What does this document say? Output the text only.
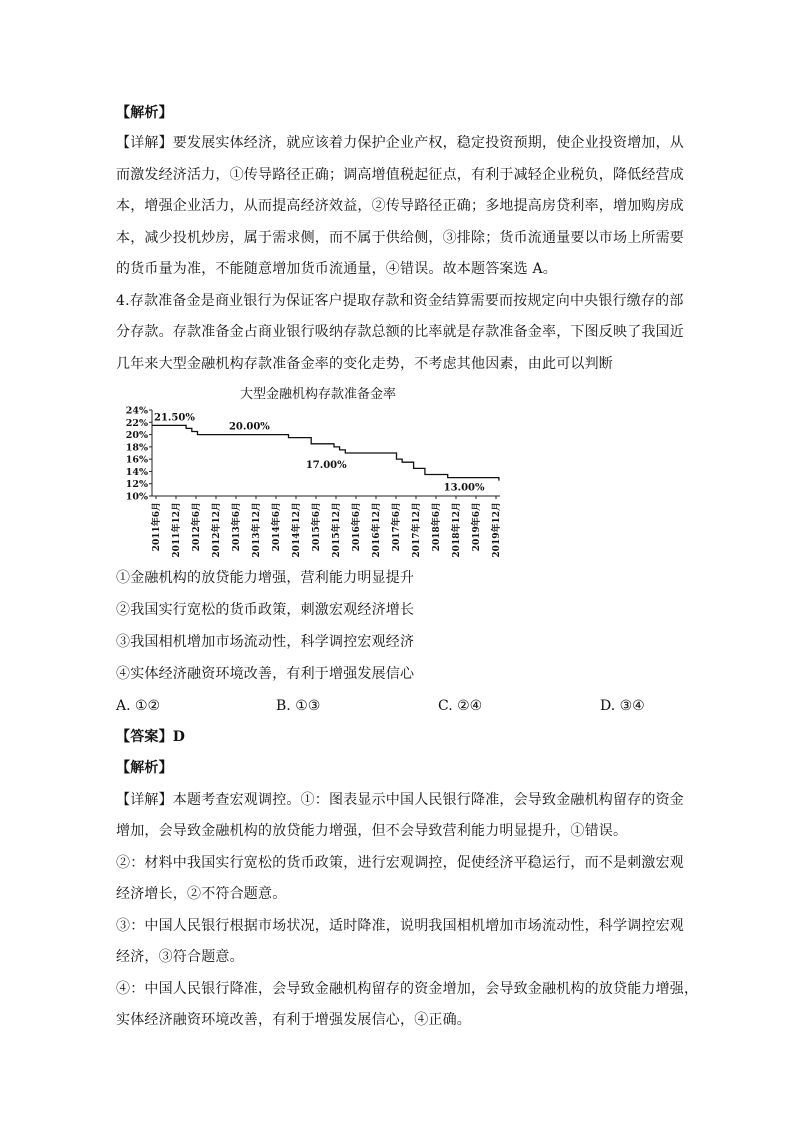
【解析】
【详解】要发展实体经济，就应该着力保护企业产权，稳定投资预期，使企业投资增加，从
而激发经济活力，①传导路径正确；调高增值税起征点，有利于减轻企业税负，降低经营成
本，增强企业活力，从而提高经济效益，②传导路径正确；多地提高房贷利率，增加购房成
本，减少投机炒房，属于需求侧，而不属于供给侧，③排除；货币流通量要以市场上所需要
的货币量为准，不能随意增加货币流通量，④错误。故本题答案选 A。
4.存款准备金是商业银行为保证客户提取存款和资金结算需要而按规定向中央银行缴存的部
分存款。存款准备金占商业银行吸纳存款总额的比率就是存款准备金率，下图反映了我国近
几年来大型金融机构存款准备金率的变化走势，不考虑其他因素，由此可以判断
大型金融机构存款准备金率
24%
22%
20%
18%
16%
14%
12%
10%
2011年6月 2011年12月 2012年6月 2012年12月 2013年6月 2013年12月 2014年6月 2014年12月 2015年6月 2015年12月 2016年6月 2016年12月 2017年6月 2017年12月 2018年6月 2018年12月 2019年6月 2019年12月
21.50%
20.00%
17.00%
13.00%
①金融机构的放贷能力增强，营利能力明显提升
②我国实行宽松的货币政策，刺激宏观经济增长
③我国相机增加市场流动性，科学调控宏观经济
④实体经济融资环境改善，有利于增强发展信心
A. ①②	B. ①③	C. ②④	D. ③④
【答案】D
【解析】
【详解】本题考查宏观调控。①：图表显示中国人民银行降准，会导致金融机构留存的资金
增加，会导致金融机构的放贷能力增强，但不会导致营利能力明显提升，①错误。
②：材料中我国实行宽松的货币政策，进行宏观调控，促使经济平稳运行，而不是刺激宏观
经济增长，②不符合题意。
③：中国人民银行根据市场状况，适时降准，说明我国相机增加市场流动性，科学调控宏观
经济，③符合题意。
④：中国人民银行降准，会导致金融机构留存的资金增加，会导致金融机构的放贷能力增强，
实体经济融资环境改善，有利于增强发展信心，④正确。
